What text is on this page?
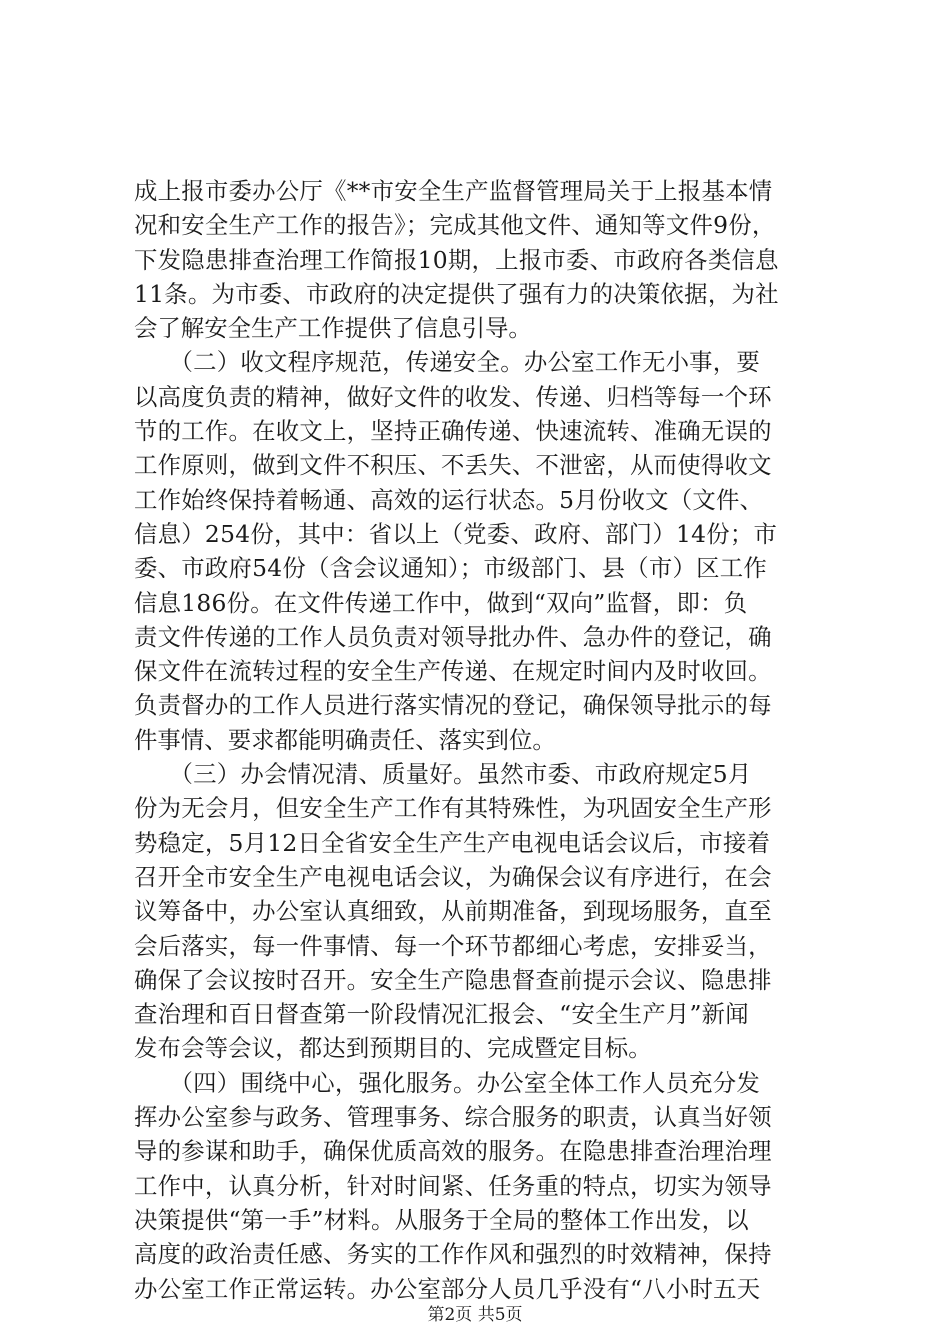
成上报市委办公厅《**市安全生产监督管理局关于上报基本情
况和安全生产工作的报告》；完成其他文件、通知等文件9份，
下发隐患排查治理工作简报10期，上报市委、市政府各类信息
11条。为市委、市政府的决定提供了强有力的决策依据，为社
会了解安全生产工作提供了信息引导。
　　（二）收文程序规范，传递安全。办公室工作无小事，要
以高度负责的精神，做好文件的收发、传递、归档等每一个环
节的工作。在收文上，坚持正确传递、快速流转、准确无误的
工作原则，做到文件不积压、不丢失、不泄密，从而使得收文
工作始终保持着畅通、高效的运行状态。5月份收文（文件、
信息）254份，其中：省以上（党委、政府、部门）14份；市
委、市政府54份（含会议通知）；市级部门、县（市）区工作
信息186份。在文件传递工作中，做到“双向”监督，即：负
责文件传递的工作人员负责对领导批办件、急办件的登记，确
保文件在流转过程的安全生产传递、在规定时间内及时收回。
负责督办的工作人员进行落实情况的登记，确保领导批示的每
件事情、要求都能明确责任、落实到位。
　　（三）办会情况清、质量好。虽然市委、市政府规定5月
份为无会月，但安全生产工作有其特殊性，为巩固安全生产形
势稳定，5月12日全省安全生产生产电视电话会议后，市接着
召开全市安全生产电视电话会议，为确保会议有序进行，在会
议筹备中，办公室认真细致，从前期准备，到现场服务，直至
会后落实，每一件事情、每一个环节都细心考虑，安排妥当，
确保了会议按时召开。安全生产隐患督查前提示会议、隐患排
查治理和百日督查第一阶段情况汇报会、“安全生产月”新闻
发布会等会议，都达到预期目的、完成暨定目标。
　　（四）围绕中心，强化服务。办公室全体工作人员充分发
挥办公室参与政务、管理事务、综合服务的职责，认真当好领
导的参谋和助手，确保优质高效的服务。在隐患排查治理治理
工作中，认真分析，针对时间紧、任务重的特点，切实为领导
决策提供“第一手”材料。从服务于全局的整体工作出发，以
高度的政治责任感、务实的工作作风和强烈的时效精神，保持
办公室工作正常运转。办公室部分人员几乎没有“八小时五天
第2页 共5页
